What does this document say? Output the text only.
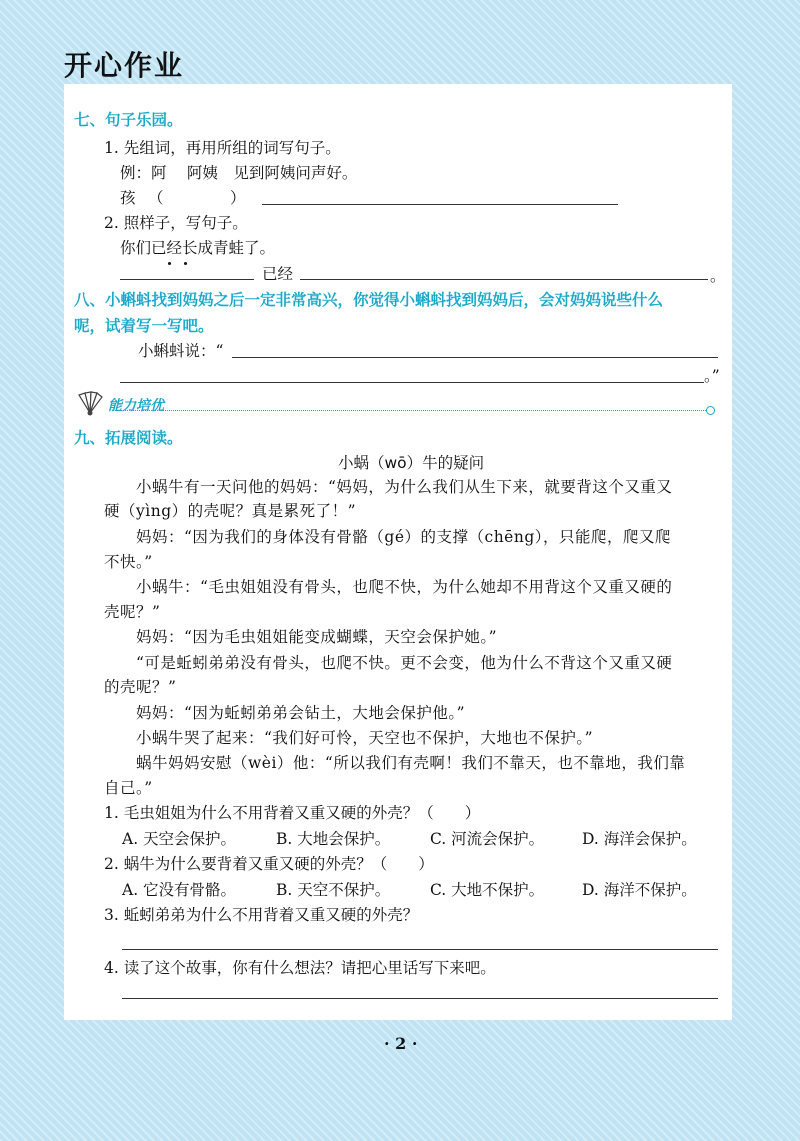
开心作业
七、句子乐园。
1. 先组词，再用所组的词写句子。
例：阿　 阿姨　见到阿姨问声好。
孩 （	）
2. 照样子，写句子。
你们已经长成青蛙了。
已经	。
八、小蝌蚪找到妈妈之后一定非常高兴，你觉得小蝌蚪找到妈妈后，会对妈妈说些什么
呢，试着写一写吧。
小蝌蚪说：“
。”
能力培优
九、拓展阅读。
小蜗（wō）牛的疑问
　　小蜗牛有一天问他的妈妈：“妈妈，为什么我们从生下来，就要背这个又重又
硬（yìng）的壳呢？真是累死了！”
　　妈妈：“因为我们的身体没有骨骼（gé）的支撑（chēng），只能爬，爬又爬
不快。”
　　小蜗牛：“毛虫姐姐没有骨头，也爬不快，为什么她却不用背这个又重又硬的
壳呢？”
　　妈妈：“因为毛虫姐姐能变成蝴蝶，天空会保护她。”
　　“可是蚯蚓弟弟没有骨头，也爬不快。更不会变，他为什么不背这个又重又硬
的壳呢？”
　　妈妈：“因为蚯蚓弟弟会钻土，大地会保护他。”
　　小蜗牛哭了起来：“我们好可怜，天空也不保护，大地也不保护。”
　　蜗牛妈妈安慰（wèi）他：“所以我们有壳啊！我们不靠天，也不靠地，我们靠
自己。”
1. 毛虫姐姐为什么不用背着又重又硬的外壳？（　　）
A. 天空会保护。	B. 大地会保护。	C. 河流会保护。 D. 海洋会保护。
2. 蜗牛为什么要背着又重又硬的外壳？（　　）
A. 它没有骨骼。	B. 天空不保护。	C. 大地不保护。 D. 海洋不保护。
3. 蚯蚓弟弟为什么不用背着又重又硬的外壳？
4. 读了这个故事，你有什么想法？请把心里话写下来吧。
· 2 ·
